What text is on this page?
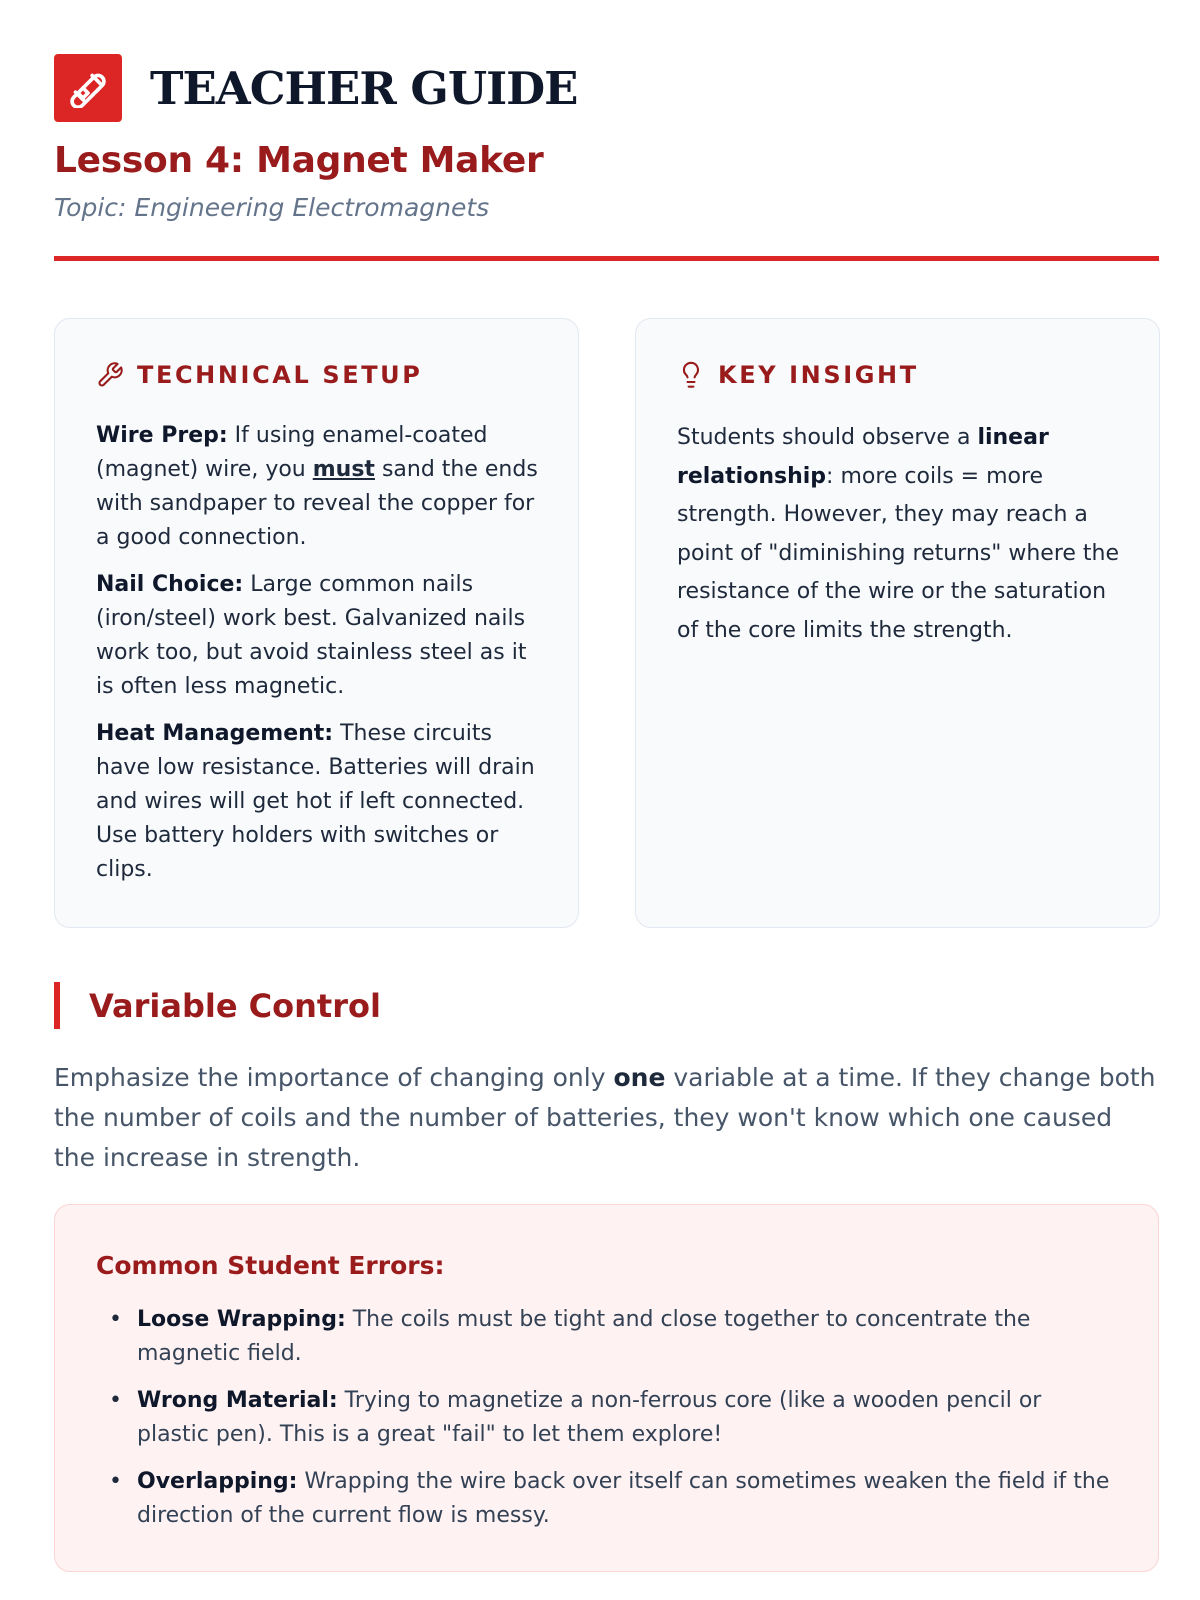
TEACHER GUIDE
Lesson 4: Magnet Maker
Topic: Engineering Electromagnets
TECHNICAL SETUP

Wire Prep: If using enamel-coated (magnet) wire, you must sand the ends with sandpaper to reveal the copper for a good connection.

Nail Choice: Large common nails (iron/steel) work best. Galvanized nails work too, but avoid stainless steel as it is often less magnetic.

Heat Management: These circuits have low resistance. Batteries will drain and wires will get hot if left connected. Use battery holders with switches or clips.

KEY INSIGHT
Students should observe a linear relationship: more coils = more strength. However, they may reach a point of "diminishing returns" where the resistance of the wire or the saturation of the core limits the strength.
Variable Control
Emphasize the importance of changing only one variable at a time. If they change both the number of coils and the number of batteries, they won't know which one caused the increase in strength.
Common Student Errors:
• Loose Wrapping: The coils must be tight and close together to concentrate the magnetic field.
• Wrong Material: Trying to magnetize a non-ferrous core (like a wooden pencil or plastic pen). This is a great "fail" to let them explore!
• Overlapping: Wrapping the wire back over itself can sometimes weaken the field if the direction of the current flow is messy.
